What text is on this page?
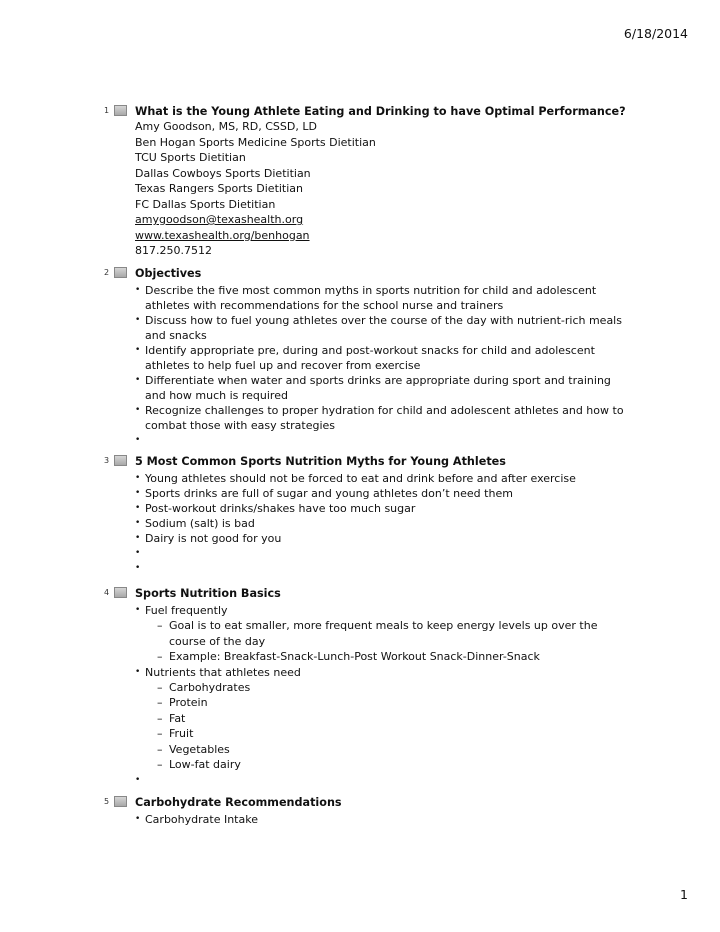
6/18/2014
1 What is the Young Athlete Eating and Drinking to have Optimal Performance?

Amy Goodson, MS, RD, CSSD, LD

Ben Hogan Sports Medicine Sports Dietitian

TCU Sports Dietitian

Dallas Cowboys Sports Dietitian

Texas Rangers Sports Dietitian

FC Dallas Sports Dietitian

amygoodson@texashealth.org

www.texashealth.org/benhogan

817.250.7512

2 Objectives

• Describe the five most common myths in sports nutrition for child and adolescent athletes with recommendations for the school nurse and trainers
• Discuss how to fuel young athletes over the course of the day with nutrient-rich meals and snacks
• Identify appropriate pre, during and post-workout snacks for child and adolescent athletes to help fuel up and recover from exercise
• Differentiate when water and sports drinks are appropriate during sport and training and how much is required
• Recognize challenges to proper hydration for child and adolescent athletes and how to combat those with easy strategies
•
3 5 Most Common Sports Nutrition Myths for Young Athletes

• Young athletes should not be forced to eat and drink before and after exercise
• Sports drinks are full of sugar and young athletes don’t need them
• Post-workout drinks/shakes have too much sugar
• Sodium (salt) is bad
• Dairy is not good for you
•
•
4 Sports Nutrition Basics

• Fuel frequently
– Goal is to eat smaller, more frequent meals to keep energy levels up over the course of the day
– Example: Breakfast-Snack-Lunch-Post Workout Snack-Dinner-Snack
• Nutrients that athletes need
– Carbohydrates
– Protein
– Fat
– Fruit
– Vegetables
– Low-fat dairy
•
5 Carbohydrate Recommendations

• Carbohydrate Intake
1
